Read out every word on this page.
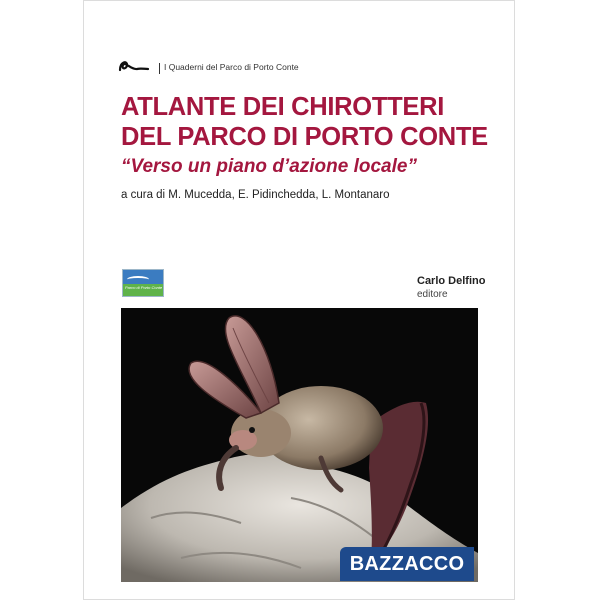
I Quaderni del Parco di Porto Conte
ATLANTE DEI CHIROTTERI
DEL PARCO DI PORTO CONTE
“Verso un piano d’azione locale”
a cura di M. Mucedda, E. Pidinchedda, L. Montanaro
Parco di Porto Conte
Carlo Delfino
editore
BAZZACCO
